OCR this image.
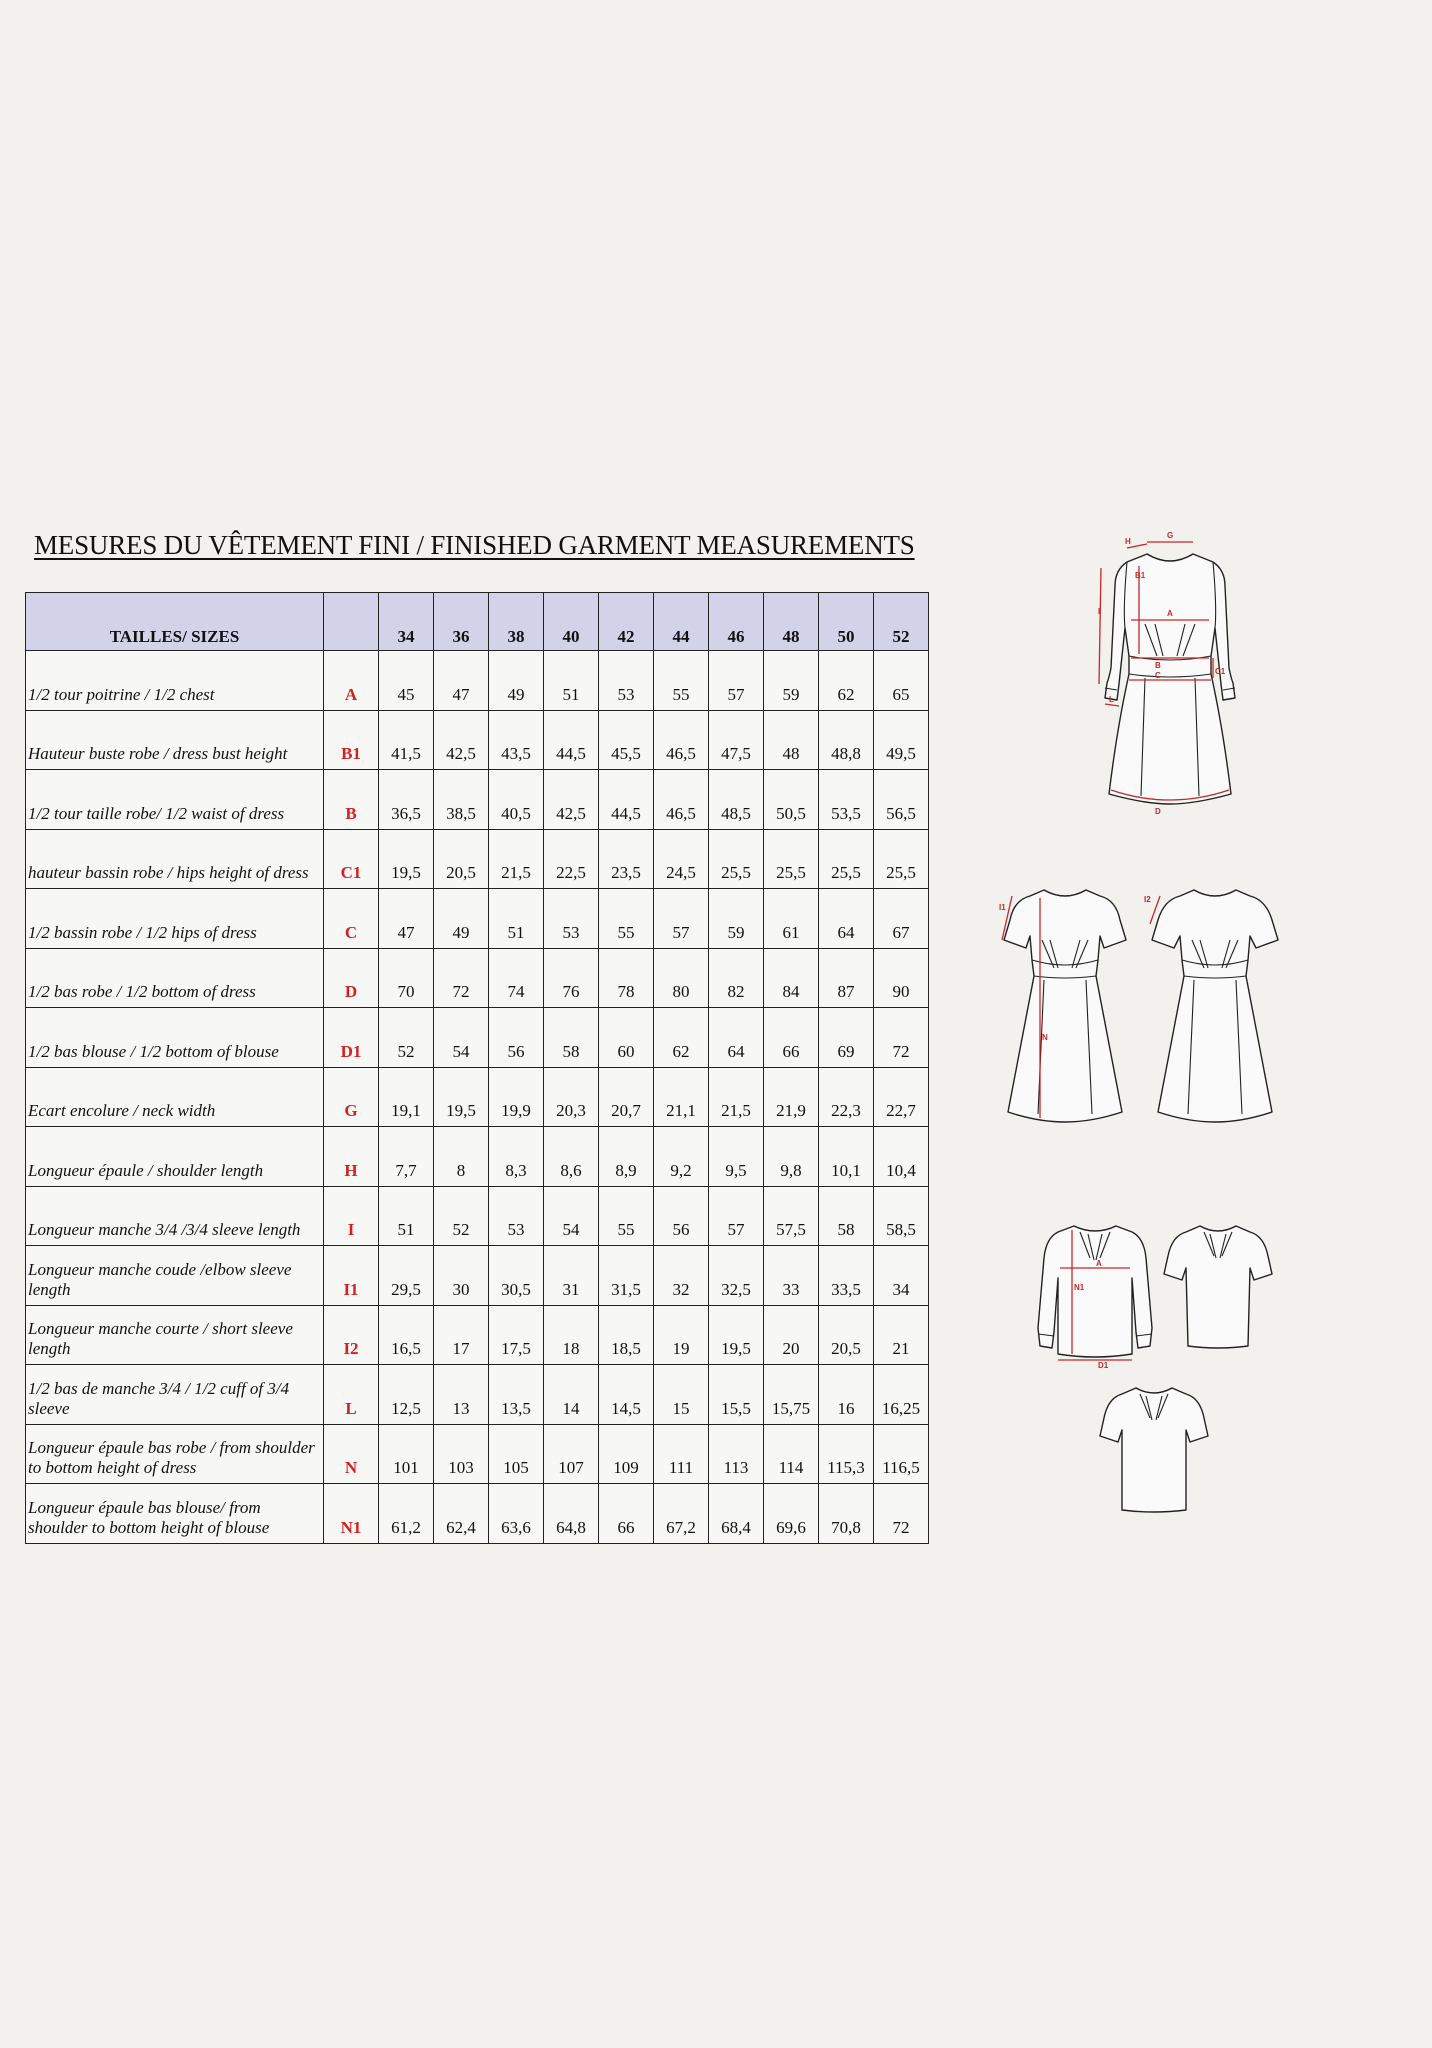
MESURES DU VÊTEMENT FINI / FINISHED GARMENT MEASUREMENTS
TAILLES/ SIZES		34	36	38	40	42	44	46	48	50	52
1/2 tour poitrine / 1/2 chest	A	45	47	49	51	53	55	57	59	62	65
Hauteur buste robe / dress bust height	B1	41,5	42,5	43,5	44,5	45,5	46,5	47,5	48	48,8	49,5
1/2 tour taille robe/ 1/2 waist of dress	B	36,5	38,5	40,5	42,5	44,5	46,5	48,5	50,5	53,5	56,5
hauteur bassin robe / hips height of dress	C1	19,5	20,5	21,5	22,5	23,5	24,5	25,5	25,5	25,5	25,5
1/2 bassin robe / 1/2 hips of dress	C	47	49	51	53	55	57	59	61	64	67
1/2 bas robe / 1/2 bottom of dress	D	70	72	74	76	78	80	82	84	87	90
1/2 bas blouse / 1/2 bottom of blouse	D1	52	54	56	58	60	62	64	66	69	72
Ecart encolure / neck width	G	19,1	19,5	19,9	20,3	20,7	21,1	21,5	21,9	22,3	22,7
Longueur épaule / shoulder length	H	7,7	8	8,3	8,6	8,9	9,2	9,5	9,8	10,1	10,4
Longueur manche 3/4 /3/4 sleeve length	I	51	52	53	54	55	56	57	57,5	58	58,5
Longueur manche coude /elbow sleeve length	I1	29,5	30	30,5	31	31,5	32	32,5	33	33,5	34
Longueur manche courte / short sleeve length	I2	16,5	17	17,5	18	18,5	19	19,5	20	20,5	21
1/2 bas de manche 3/4 / 1/2 cuff of 3/4 sleeve	L	12,5	13	13,5	14	14,5	15	15,5	15,75	16	16,25
Longueur épaule bas robe / from shoulder to bottom height of dress	N	101	103	105	107	109	111	113	114	115,3	116,5
Longueur épaule bas blouse/ from shoulder to bottom height of blouse	N1	61,2	62,4	63,6	64,8	66	67,2	68,4	69,6	70,8	72
H
G
B1
A
B
C1
C
I
L
D
I1
N
I2
A
N1
D1
